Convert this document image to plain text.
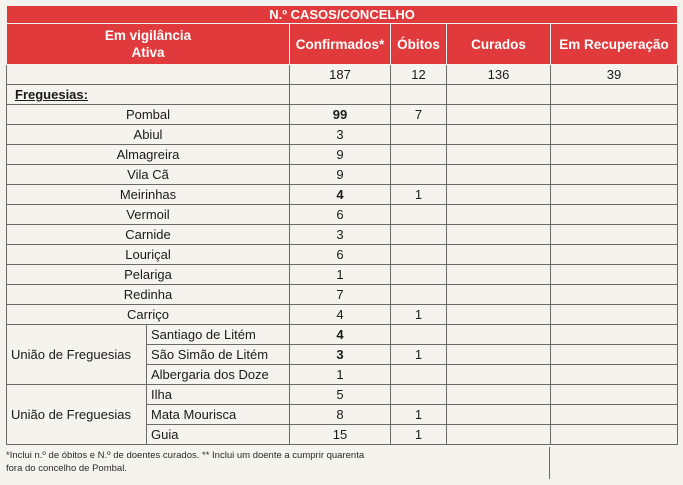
N.º CASOS/CONCELHO					
Em vigilância
Ativa		Confirmados*	Óbitos	Curados	Em Recuperação
		187	12	136	39
Freguesias:					
Pombal		99	7		
Abiul		3			
Almagreira		9			
Vila Cã		9			
Meirinhas		4	1		
Vermoil		6			
Carnide		3			
Louriçal		6			
Pelariga		1			
Redinha		7			
Carriço		4	1		
União de Freguesias	Santiago de Litém	4			
	São Simão de Litém	3	1		
	Albergaria dos Doze	1			
União de Freguesias	Ilha	5			
	Mata Mourisca	8	1		
	Guia	15	1		
*Inclui n.º de óbitos e N.º de doentes curados. ** Inclui um doente a cumprir quarenta
fora do concelho de Pombal.
